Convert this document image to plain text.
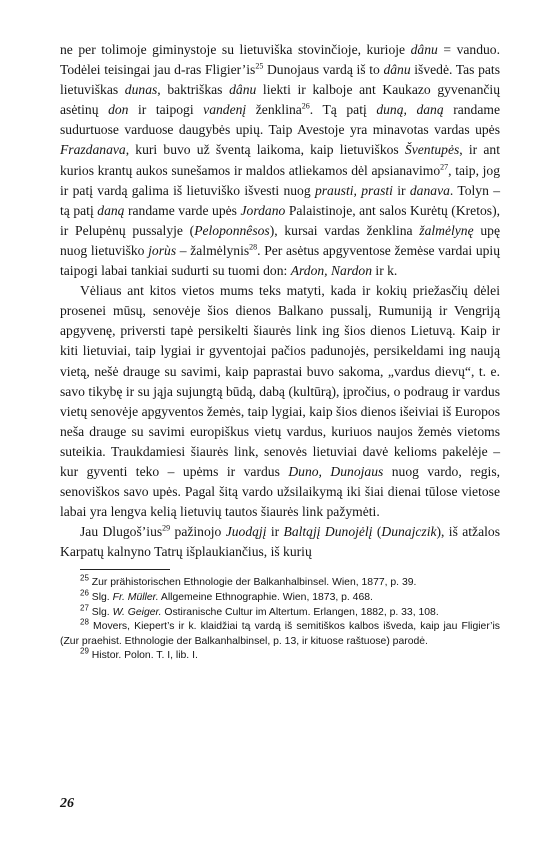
ne per tolimoje giminystoje su lietuviška stovinčioje, kurioje dânu = vanduo. Todėlei teisingai jau d-ras $Fligier’is^{25}$ Dunojaus vardą iš to dânu išvedė. Tas pats lietuviškas dunas, baktriškas dânu liekti ir kalboje ant Kaukazo gyvenančių asėtinų don ir taipogi vandenį ženklina$^{26}$. Tą patį duną, daną randame sudurtuose varduose daugybės upių. Taip Avestoje yra minavotas vardas upės Frazdanava, kuri buvo už šventą laikoma, kaip lietuviškos Šventupės, ir ant kurios krantų aukos sunešamos ir maldos atliekamos dėl apsianavimo$^{27}$, taip, jog ir patį vardą galima iš lietuviško išvesti nuog prausti, prasti ir danava. Tolyn – tą patį daną randame varde upės Jordano Palaistinoje, ant salos Kurėtų (Kretos), ir Pelupėnų pussalyje (Peloponnêsos), kursai vardas ženklina žalmėlynę upę nuog lietuviško jorùs – žalmėlynis$^{28}$. Per asėtus apgyventose žemėse vardai upių taipogi labai tankiai sudurti su tuomi don: Ardon, Nardon ir k.

Vėliaus ant kitos vietos mums teks matyti, kada ir kokių priežasčių dėlei prosenei mūsų, senovėje šios dienos Balkano pussalį, Rumuniją ir Vengriją apgyvenę, priversti tapė persikelti šiaurės link ing šios dienos Lietuvą. Kaip ir kiti lietuviai, taip lygiai ir gyventojai pačios padunojės, persikeldami ing naują vietą, nešė drauge su savimi, kaip paprastai buvo sakoma, „vardus dievų“, t. e. savo tikybę ir su jąja sujungtą būdą, dabą (kultūrą), įpročius, o podraug ir vardus vietų senovėje apgyventos žemės, taip lygiai, kaip šios dienos išeiviai iš Europos neša drauge su savimi europiškus vietų vardus, kuriuos naujos žemės vietoms suteikia. Traukdamiesi šiaurės link, senovės lietuviai davė kelioms pakelėje – kur gyventi teko – upėms ir vardus Duno, Dunojaus nuog vardo, regis, senoviškos savo upės. Pagal šitą vardo užsilaikymą iki šiai dienai tūlose vietose labai yra lengva kelią lietuvių tautos šiaurės link pažymėti.

Jau Dlugoš’ius$^{29}$ pažinojo Juodąjį ir Baltąjį Dunojėlį (Dunajczik), iš atžalos Karpatų kalnyno Tatrų išplaukiančius, iš kurių

$^{25}$ Zur prähistorischen Ethnologie der Balkanhalbinsel. Wien, 1877, p. 39.

$^{26}$ Slg. Fr. Müller. Allgemeine Ethnographie. Wien, 1873, p. 468.

$^{27}$ Slg. W. Geiger. Ostiranische Cultur im Altertum. Erlangen, 1882, p. 33, 108.

$^{28}$ Movers, Kiepert’s ir k. klaidžiai tą vardą iš semitiškos kalbos išveda, kaip jau Fligier’is (Zur praehist. Ethnologie der Balkanhalbinsel, p. 13, ir kituose raštuose) parodė.

$^{29}$ Histor. Polon. T. I, lib. I.

26
